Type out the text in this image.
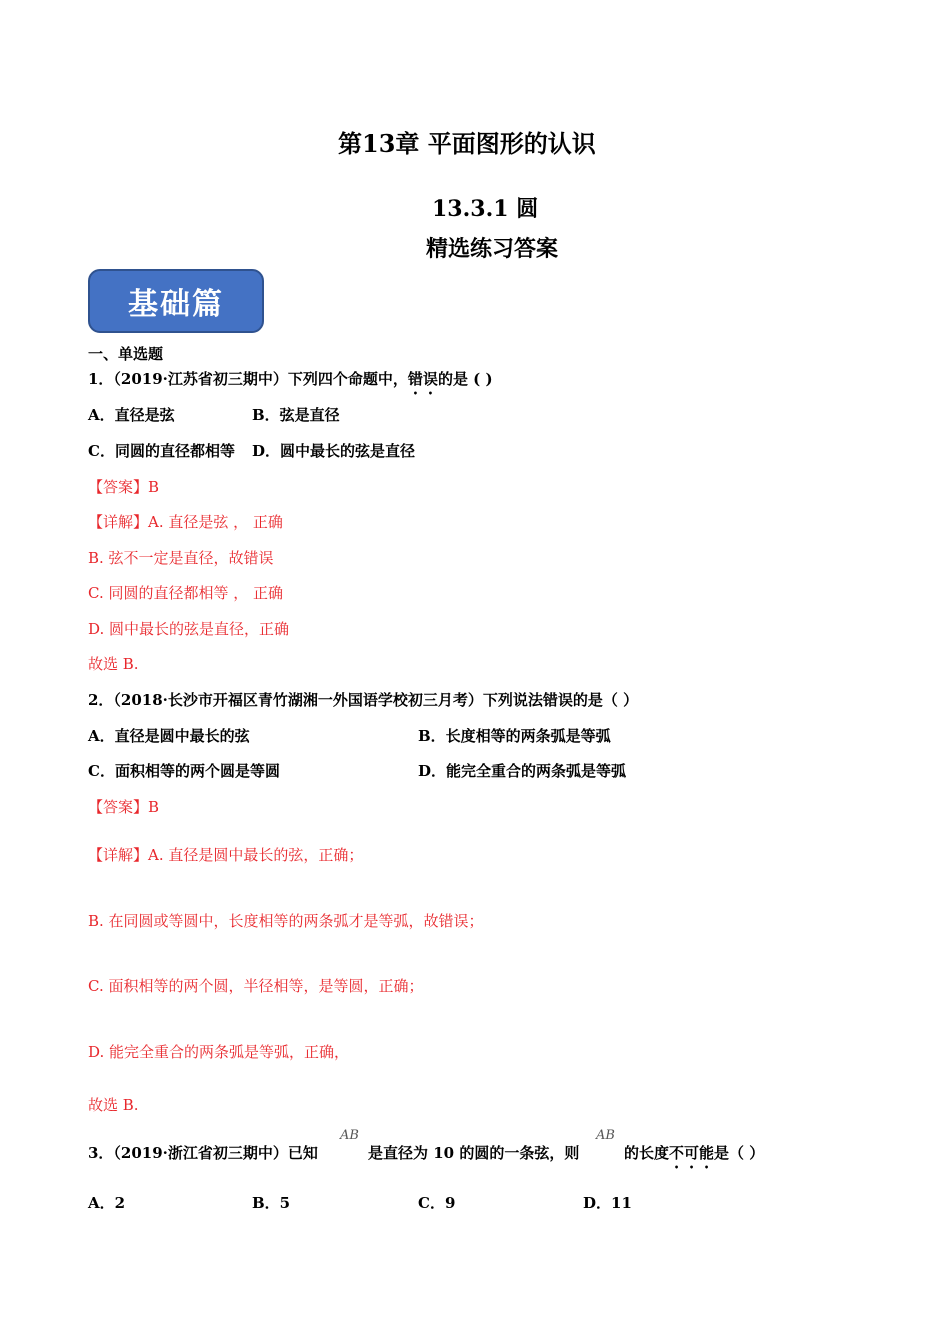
第13章 平面图形的认识
13.3.1 圆
精选练习答案
基础篇
一、单选题
1．（2019·江苏省初三期中）下列四个命题中，错误的是 ( )
A．直径是弦	B．弦是直径
C．同圆的直径都相等 D．圆中最长的弦是直径
【答案】B
【详解】A. 直径是弦 ， 正确
B. 弦不一定是直径，故错误
C. 同圆的直径都相等 ， 正确
D. 圆中最长的弦是直径，正确
故选 B.
2．（2018·长沙市开福区青竹湖湘一外国语学校初三月考）下列说法错误的是（ ）
A．直径是圆中最长的弦	B．长度相等的两条弧是等弧
C．面积相等的两个圆是等圆	D．能完全重合的两条弧是等弧
【答案】B
【详解】A. 直径是圆中最长的弦，正确；
B. 在同圆或等圆中，长度相等的两条弧才是等弧，故错误；
C. 面积相等的两个圆，半径相等，是等圆，正确；
D. 能完全重合的两条弧是等弧，正确，
故选 B.
3．（2019·浙江省初三期中）已知
AB
是直径为 10 的圆的一条弦，则
AB
的长度不可能是（ ）
A．2	B．5	C．9	D．11
